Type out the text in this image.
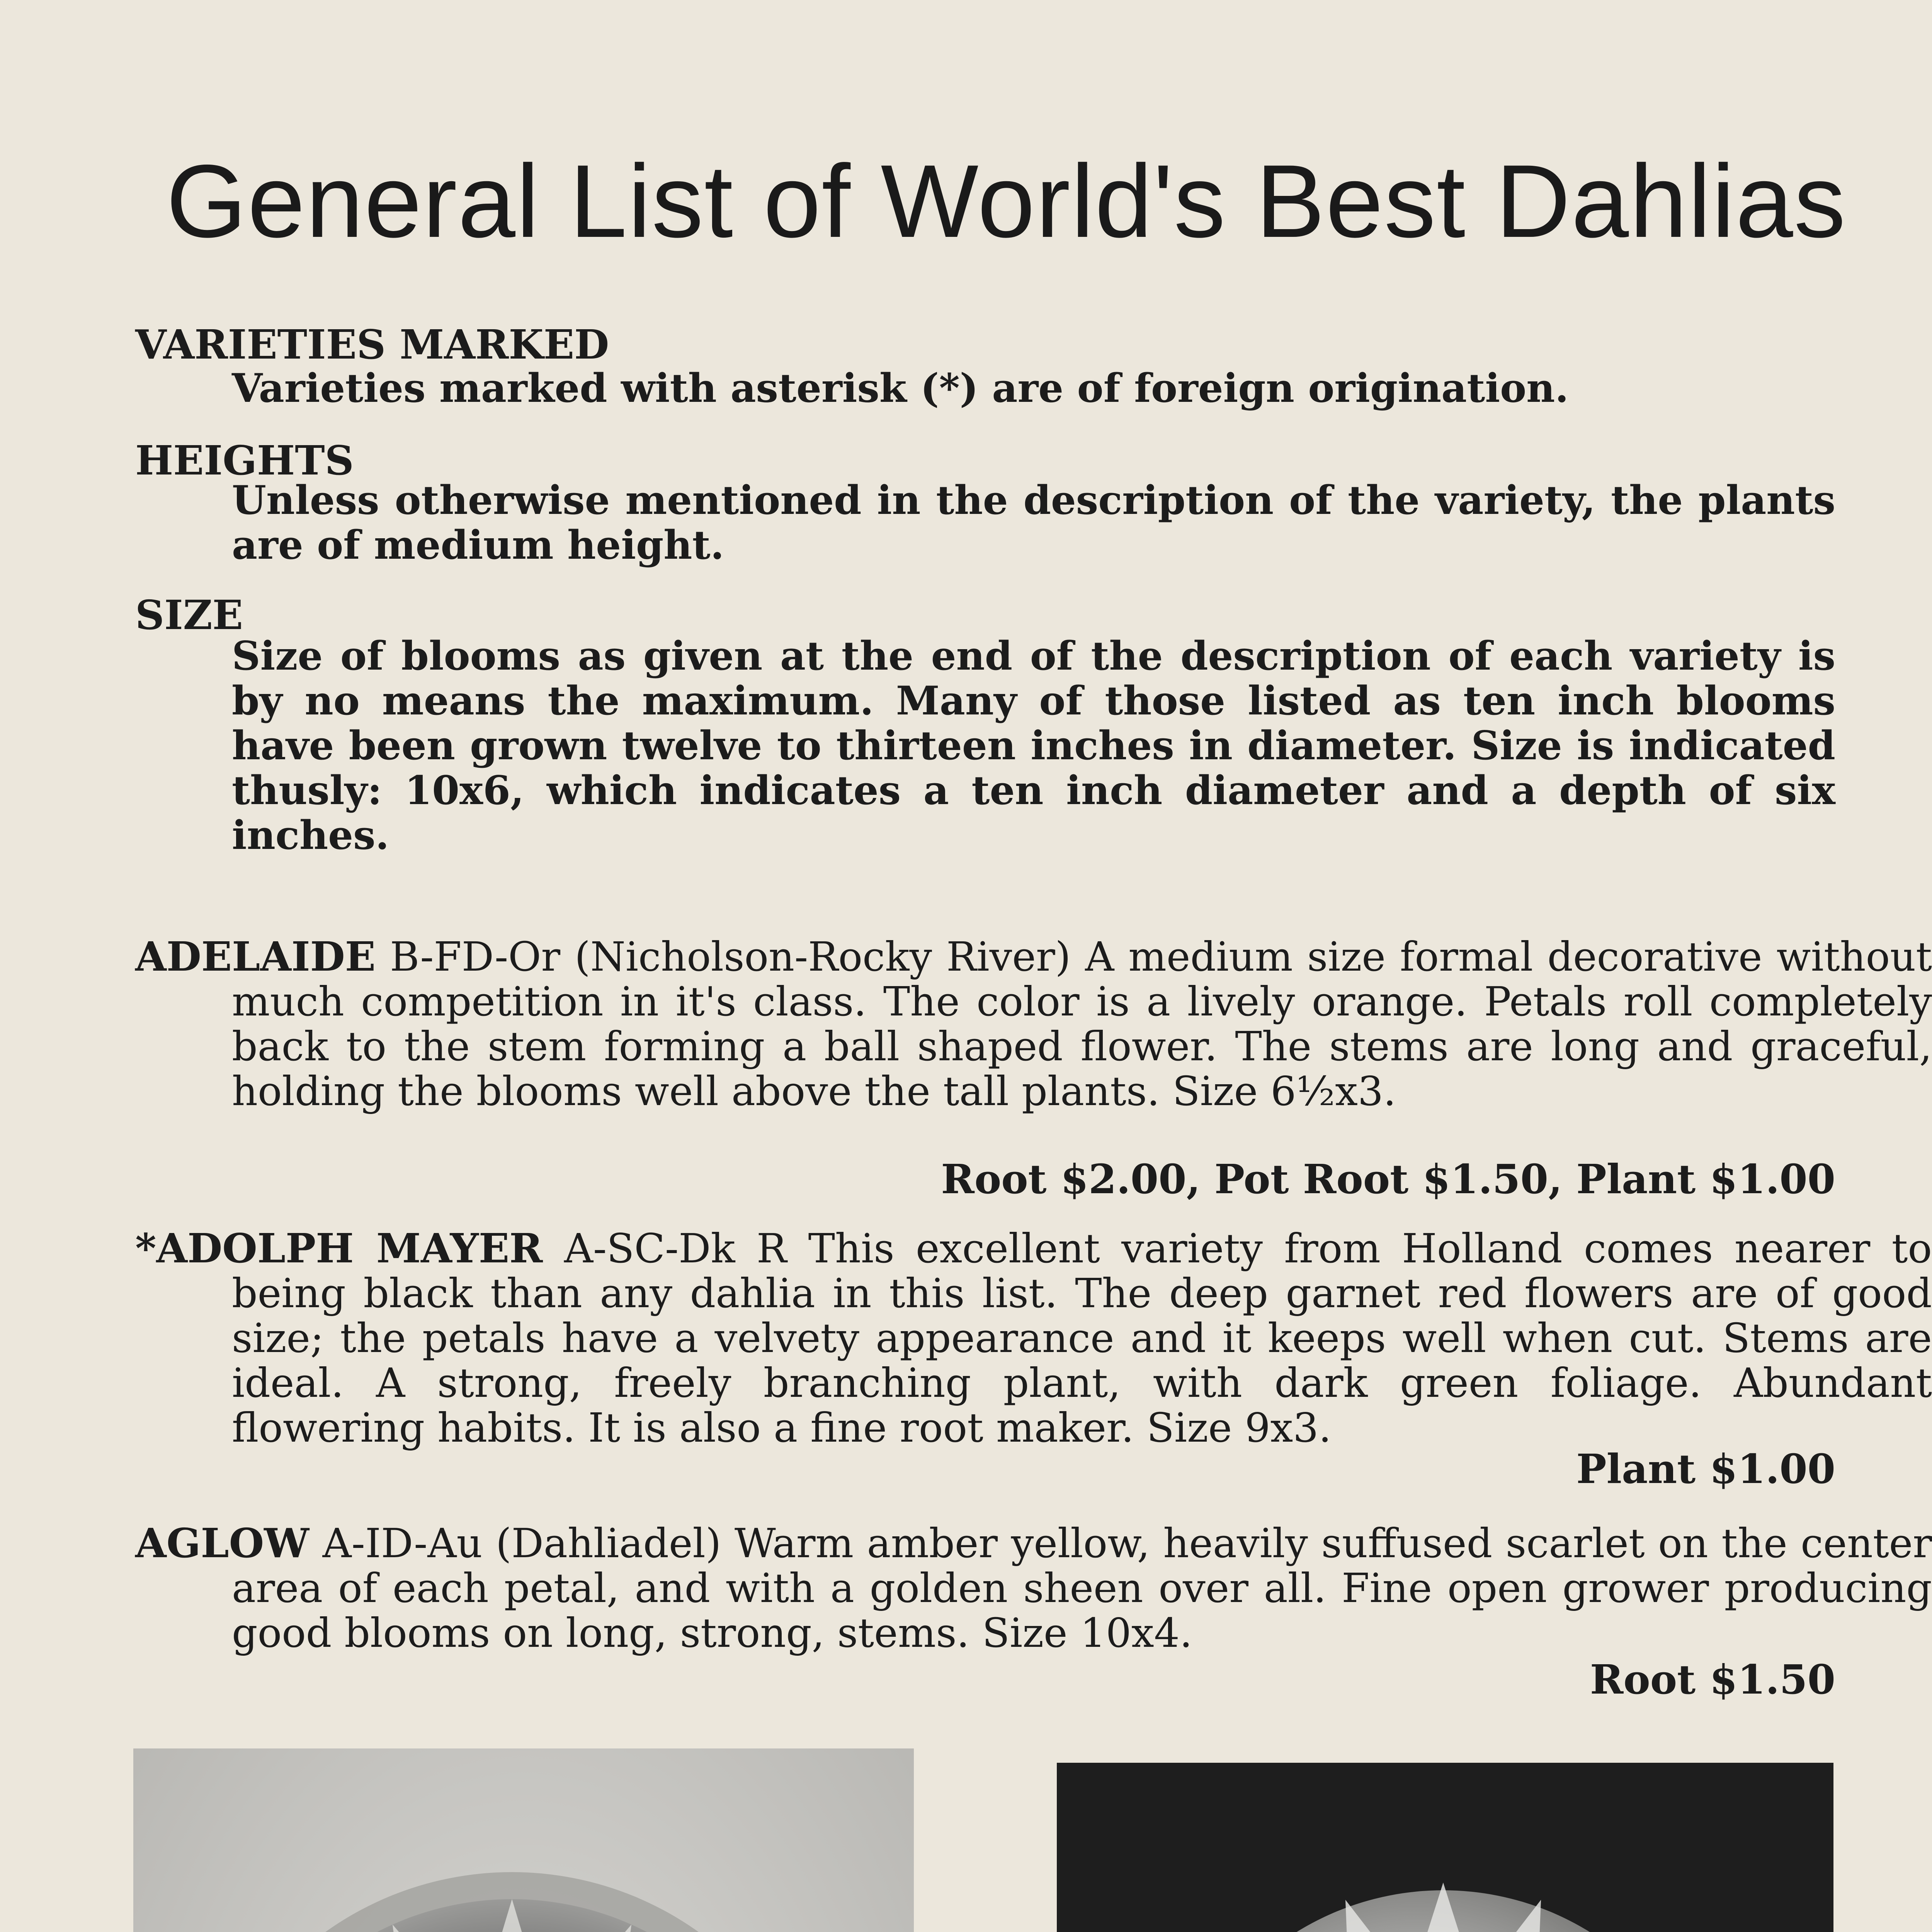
General List of World's Best Dahlias
VARIETIES MARKED
Varieties marked with asterisk (*) are of foreign origination.
HEIGHTS
Unless otherwise mentioned in the description of the variety, the plants are of medium height.
SIZE
Size of blooms as given at the end of the description of each variety is by no means the maximum. Many of those listed as ten inch blooms have been grown twelve to thirteen inches in diameter. Size is indicated thusly: 10x6, which indicates a ten inch diameter and a depth of six inches.
ADELAIDE B-FD-Or (Nicholson-Rocky River) A medium size formal decorative without much competition in it's class. The color is a lively orange. Petals roll completely back to the stem forming a ball shaped flower. The stems are long and graceful, holding the blooms well above the tall plants. Size 6½x3.
Root $2.00, Pot Root $1.50, Plant $1.00
*ADOLPH MAYER A-SC-Dk R This excellent variety from Holland comes nearer to being black than any dahlia in this list. The deep garnet red flowers are of good size; the petals have a velvety appearance and it keeps well when cut. Stems are ideal. A strong, freely branching plant, with dark green foliage. Abundant flowering habits. It is also a fine root maker. Size 9x3.
Plant $1.00
AGLOW A-ID-Au (Dahliadel) Warm amber yellow, heavily suffused scarlet on the center area of each petal, and with a golden sheen over all. Fine open grower producing good blooms on long, strong, stems. Size 10x4.
Root $1.50
